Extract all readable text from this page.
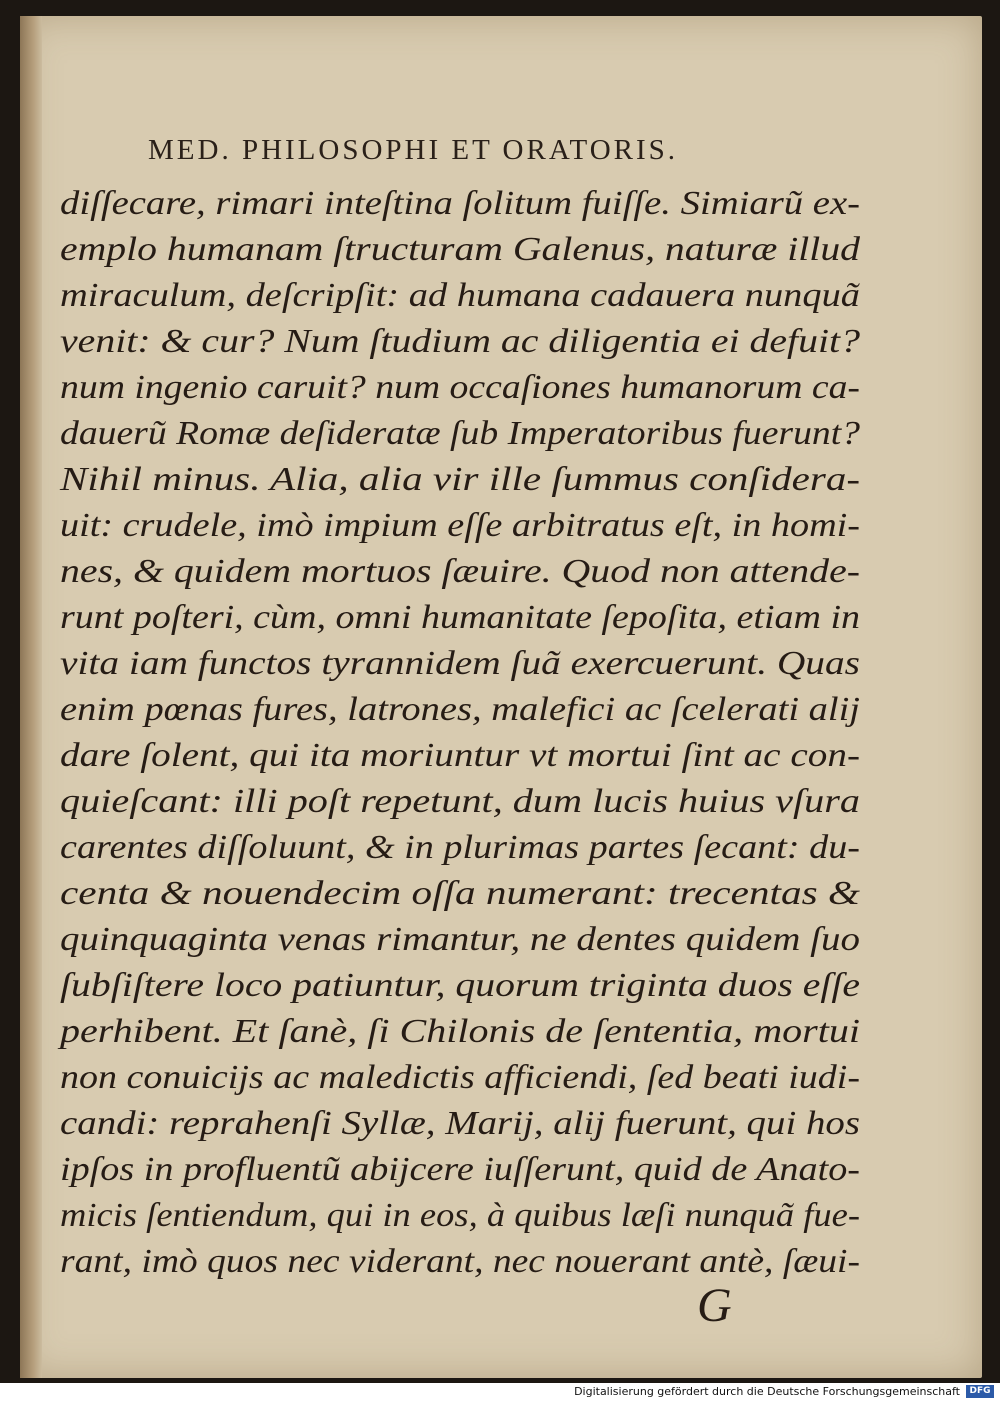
MED. PHILOSOPHI ET ORATORIS.
diſſecare, rimari inteſtina ſolitum fuiſſe. Simiarũ ex-
emplo humanam ſtructuram Galenus, naturæ illud
miraculum, deſcripſit: ad humana cadauera nunquã
venit: & cur? Num ſtudium ac diligentia ei defuit?
num ingenio caruit? num occaſiones humanorum ca-
dauerũ Romæ deſideratæ ſub Imperatoribus fuerunt?
Nihil minus. Alia, alia vir ille ſummus conſidera-
uit: crudele, imò impium eſſe arbitratus eſt, in homi-
nes, & quidem mortuos ſæuire. Quod non attende-
runt poſteri, cùm, omni humanitate ſepoſita, etiam in
vita iam functos tyrannidem ſuã exercuerunt. Quas
enim pœnas fures, latrones, malefici ac ſcelerati alij
dare ſolent, qui ita moriuntur vt mortui ſint ac con-
quieſcant: illi poſt repetunt, dum lucis huius vſura
carentes diſſoluunt, & in plurimas partes ſecant: du-
centa & nouendecim oſſa numerant: trecentas &
quinquaginta venas rimantur, ne dentes quidem ſuo
ſubſiſtere loco patiuntur, quorum triginta duos eſſe
perhibent. Et ſanè, ſi Chilonis de ſententia, mortui
non conuicijs ac maledictis afficiendi, ſed beati iudi-
candi: reprahenſi Syllæ, Marij, alij fuerunt, qui hos
ipſos in profluentũ abijcere iuſſerunt, quid de Anato-
micis ſentiendum, qui in eos, à quibus læſi nunquã fue-
rant, imò quos nec viderant, nec nouerant antè, ſæui-
G
Digitalisierung gefördert durch die Deutsche Forschungsgemeinschaft	DFG
